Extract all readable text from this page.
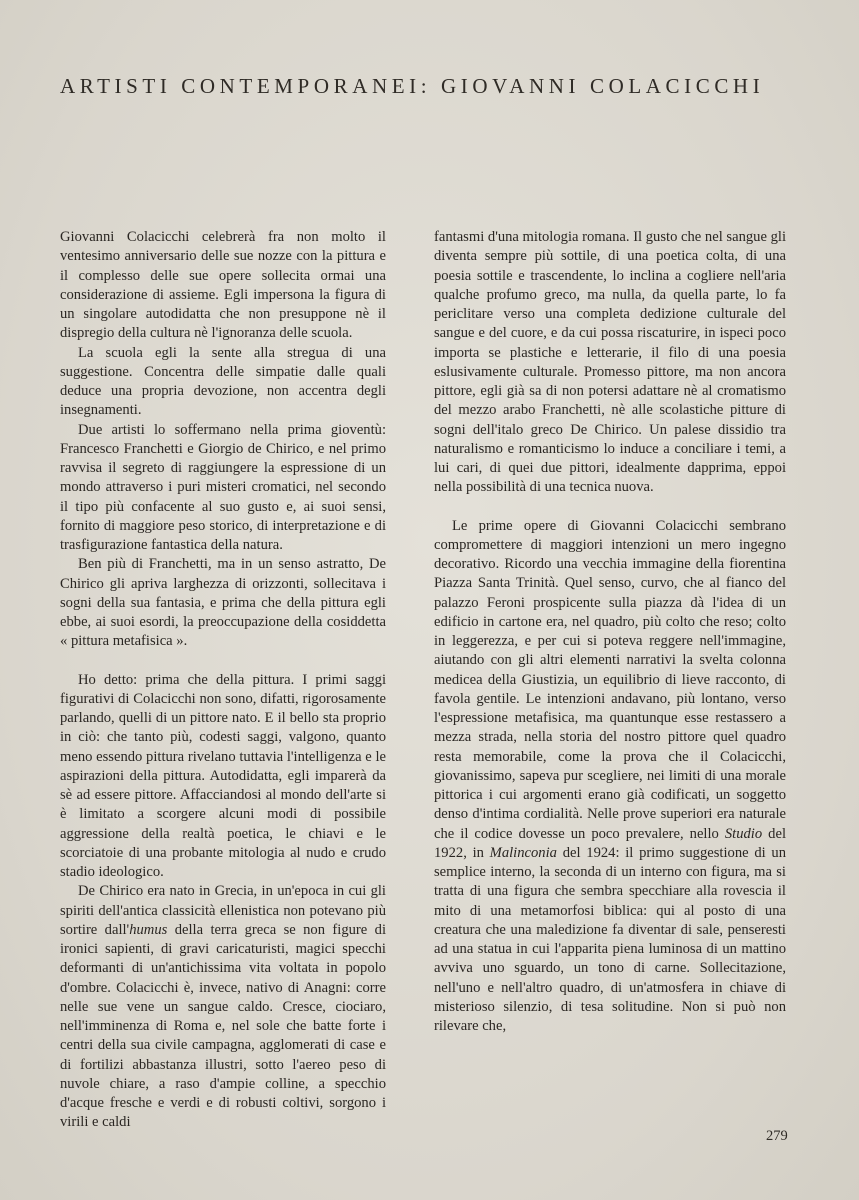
ARTISTI CONTEMPORANEI: GIOVANNI COLACICCHI

Giovanni Colacicchi celebrerà fra non molto il ventesimo anniversario delle sue nozze con la pittura e il complesso delle sue opere sollecita ormai una considerazione di assieme. Egli impersona la figura di un singolare autodidatta che non presuppone nè il dispregio della cultura nè l'ignoranza delle scuola.

La scuola egli la sente alla stregua di una suggestione. Concentra delle simpatie dalle quali deduce una propria devozione, non accentra degli insegnamenti.

Due artisti lo soffermano nella prima gioventù: Francesco Franchetti e Giorgio de Chirico, e nel primo ravvisa il segreto di raggiungere la espressione di un mondo attraverso i puri misteri cromatici, nel secondo il tipo più confacente al suo gusto e, ai suoi sensi, fornito di maggiore peso storico, di interpretazione e di trasfigurazione fantastica della natura.

Ben più di Franchetti, ma in un senso astratto, De Chirico gli apriva larghezza di orizzonti, sollecitava i sogni della sua fantasia, e prima che della pittura egli ebbe, ai suoi esordi, la preoccupazione della cosiddetta « pittura metafisica ».

Ho detto: prima che della pittura. I primi saggi figurativi di Colacicchi non sono, difatti, rigorosamente parlando, quelli di un pittore nato. E il bello sta proprio in ciò: che tanto più, codesti saggi, valgono, quanto meno essendo pittura rivelano tuttavia l'intelligenza e le aspirazioni della pittura. Autodidatta, egli imparerà da sè ad essere pittore. Affacciandosi al mondo dell'arte si è limitato a scorgere alcuni modi di possibile aggressione della realtà poetica, le chiavi e le scorciatoie di una probante mitologia al nudo e crudo stadio ideologico.

De Chirico era nato in Grecia, in un'epoca in cui gli spiriti dell'antica classicità ellenistica non potevano più sortire dall'humus della terra greca se non figure di ironici sapienti, di gravi caricaturisti, magici specchi deformanti di un'antichissima vita voltata in popolo d'ombre. Colacicchi è, invece, nativo di Anagni: corre nelle sue vene un sangue caldo. Cresce, ciociaro, nell'imminenza di Roma e, nel sole che batte forte i centri della sua civile campagna, agglomerati di case e di fortilizi abbastanza illustri, sotto l'aereo peso di nuvole chiare, a raso d'ampie colline, a specchio d'acque fresche e verdi e di robusti coltivi, sorgono i virili e caldi

fantasmi d'una mitologia romana. Il gusto che nel sangue gli diventa sempre più sottile, di una poetica colta, di una poesia sottile e trascendente, lo inclina a cogliere nell'aria qualche profumo greco, ma nulla, da quella parte, lo fa periclitare verso una completa dedizione culturale del sangue e del cuore, e da cui possa riscaturire, in ispeci poco importa se plastiche e letterarie, il filo di una poesia eslusivamente culturale. Promesso pittore, ma non ancora pittore, egli già sa di non potersi adattare nè al cromatismo del mezzo arabo Franchetti, nè alle scolastiche pitture di sogni dell'italo greco De Chirico. Un palese dissidio tra naturalismo e romanticismo lo induce a conciliare i temi, a lui cari, di quei due pittori, idealmente dapprima, eppoi nella possibilità di una tecnica nuova.

Le prime opere di Giovanni Colacicchi sembrano compromettere di maggiori intenzioni un mero ingegno decorativo. Ricordo una vecchia immagine della fiorentina Piazza Santa Trinità. Quel senso, curvo, che al fianco del palazzo Feroni prospicente sulla piazza dà l'idea di un edificio in cartone era, nel quadro, più colto che reso; colto in leggerezza, e per cui si poteva reggere nell'immagine, aiutando con gli altri elementi narrativi la svelta colonna medicea della Giustizia, un equilibrio di lieve racconto, di favola gentile. Le intenzioni andavano, più lontano, verso l'espressione metafisica, ma quantunque esse restassero a mezza strada, nella storia del nostro pittore quel quadro resta memorabile, come la prova che il Colacicchi, giovanissimo, sapeva pur scegliere, nei limiti di una morale pittorica i cui argomenti erano già codificati, un soggetto denso d'intima cordialità. Nelle prove superiori era naturale che il codice dovesse un poco prevalere, nello Studio del 1922, in Malinconia del 1924: il primo suggestione di un semplice interno, la seconda di un interno con figura, ma si tratta di una figura che sembra specchiare alla rovescia il mito di una metamorfosi biblica: qui al posto di una creatura che una maledizione fa diventar di sale, penseresti ad una statua in cui l'apparita piena luminosa di un mattino avviva uno sguardo, un tono di carne. Sollecitazione, nell'uno e nell'altro quadro, di un'atmosfera in chiave di misterioso silenzio, di tesa solitudine. Non si può non rilevare che,

279
